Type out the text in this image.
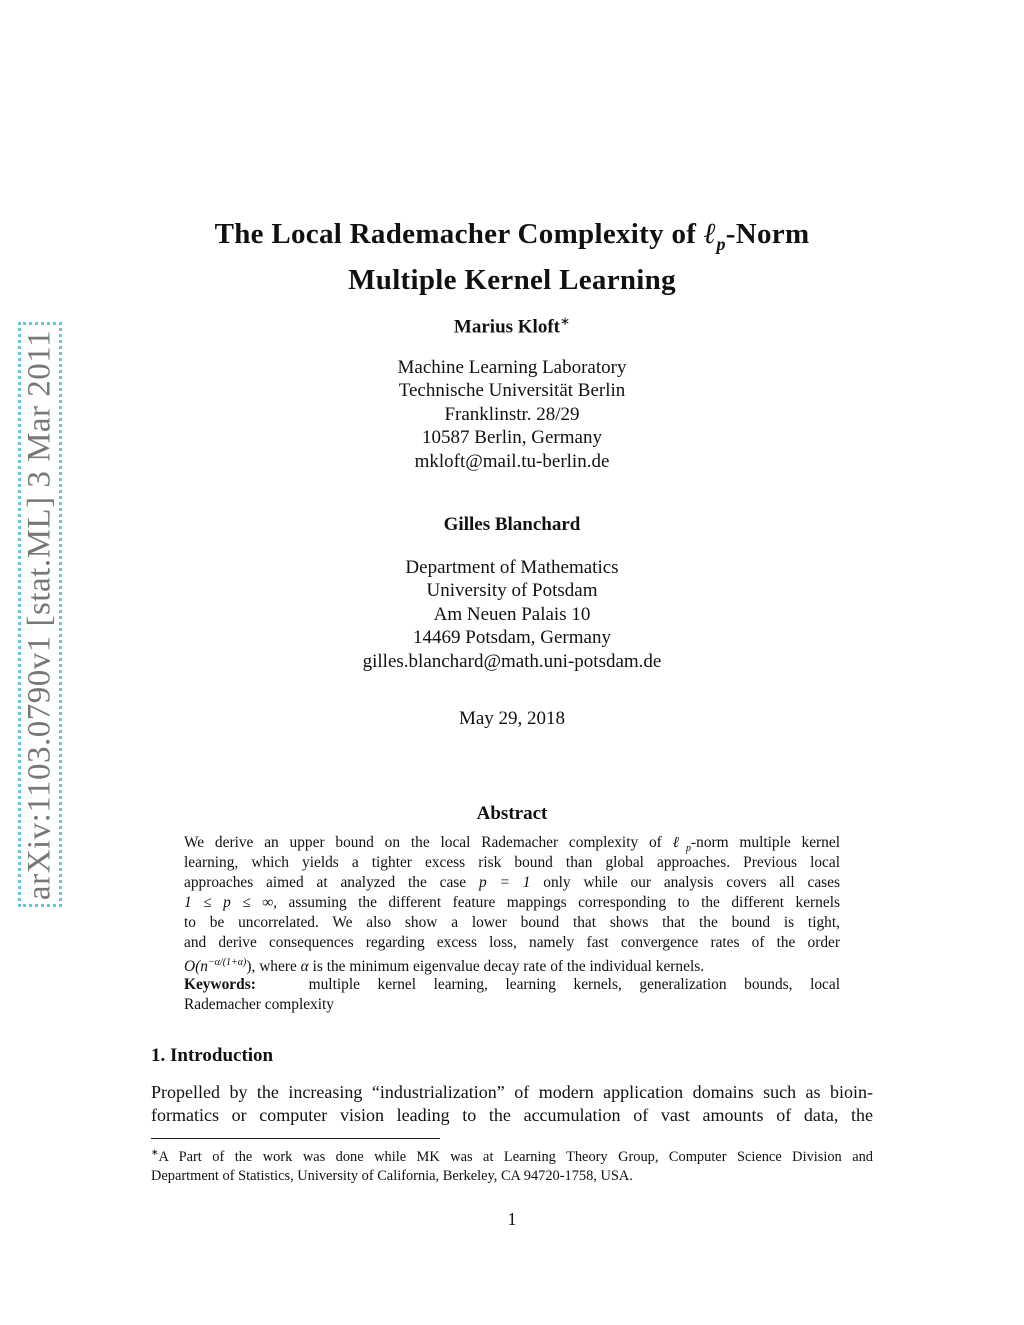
arXiv:1103.0790v1 [stat.ML] 3 Mar 2011
The Local Rademacher Complexity of ℓ$_p$-Norm
Multiple Kernel Learning
Marius Kloft∗
Machine Learning Laboratory
Technische Universität Berlin
Franklinstr. 28/29
10587 Berlin, Germany
mkloft@mail.tu-berlin.de
Gilles Blanchard
Department of Mathematics
University of Potsdam
Am Neuen Palais 10
14469 Potsdam, Germany
gilles.blanchard@math.uni-potsdam.de
May 29, 2018
Abstract
We derive an upper bound on the local Rademacher complexity of ℓ$_p$-norm multiple kernel
learning, which yields a tighter excess risk bound than global approaches. Previous local
approaches aimed at analyzed the case p = 1 only while our analysis covers all cases
1 ≤ p ≤ ∞, assuming the different feature mappings corresponding to the different kernels
to be uncorrelated. We also show a lower bound that shows that the bound is tight,
and derive consequences regarding excess loss, namely fast convergence rates of the order
$O(n^{-\alpha/(1+\alpha)})$, where α is the minimum eigenvalue decay rate of the individual kernels.
Keywords:	multiple kernel learning, learning kernels, generalization bounds, local
Rademacher complexity
1. Introduction
Propelled by the increasing “industrialization” of modern application domains such as bioin-
formatics or computer vision leading to the accumulation of vast amounts of data, the
∗A Part of the work was done while MK was at Learning Theory Group, Computer Science Division and
Department of Statistics, University of California, Berkeley, CA 94720-1758, USA.
1
